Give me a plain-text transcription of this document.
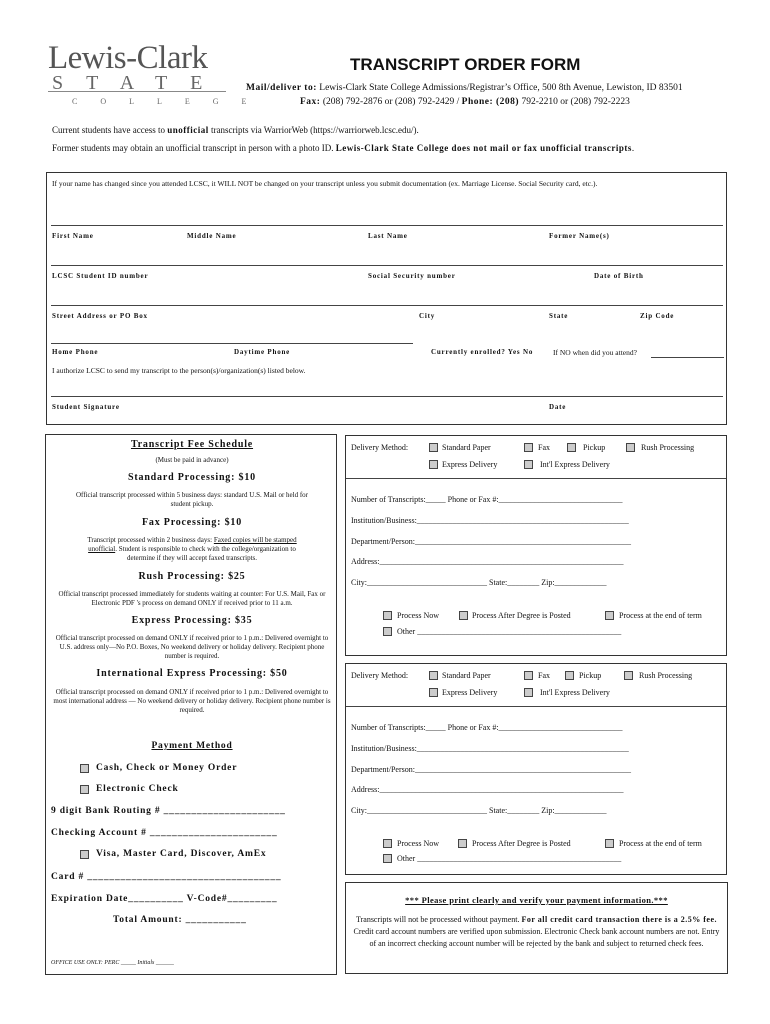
Lewis-Clark
STATE
COLLEGE
TRANSCRIPT ORDER FORM
Mail/deliver to: Lewis-Clark State College Admissions/Registrar’s Office, 500 8th Avenue, Lewiston, ID 83501
Fax: (208) 792-2876 or (208) 792-2429 / Phone: (208) 792-2210 or (208) 792-2223
Current students have access to unofficial transcripts via WarriorWeb (https://warriorweb.lcsc.edu/).
Former students may obtain an unofficial transcript in person with a photo ID. Lewis-Clark State College does not mail or fax unofficial transcripts.
If your name has changed since you attended LCSC, it WILL NOT be changed on your transcript unless you submit documentation (ex. Marriage License. Social Security card, etc.).
First Name	Middle Name	Last Name	Former Name(s)
LCSC Student ID number	Social Security number	Date of Birth
Street Address or PO Box	City	State	Zip Code
Home Phone	Daytime Phone	Currently enrolled? Yes No	If NO when did you attend?
I authorize LCSC to send my transcript to the person(s)/organization(s) listed below.
Student Signature	Date
Transcript Fee Schedule
(Must be paid in advance)
Standard Processing: $10
Official transcript processed within 5 business days: standard U.S. Mail or held for student pickup.
Fax Processing: $10
Transcript processed within 2 business days: Faxed copies will be stamped unofficial. Student is responsible to check with the college/organization to determine if they will accept faxed transcripts.
Rush Processing: $25
Official transcript processed immediately for students waiting at counter: For U.S. Mail, Fax or Electronic PDF 's process on demand ONLY if received prior to 11 a.m.
Express Processing: $35
Official transcript processed on demand ONLY if received prior to 1 p.m.: Delivered overnight to U.S. address only—No P.O. Boxes, No weekend delivery or holiday delivery. Recipient phone number is required.
International Express Processing: $50
Official transcript processed on demand ONLY if received prior to 1 p.m.: Delivered overnight to most international address — No weekend delivery or holiday delivery. Recipient phone number is required.
Payment Method
Cash, Check or Money Order
Electronic Check
9 digit Bank Routing # ______________________
Checking Account # _______________________
Visa, Master Card, Discover, AmEx
Card # ___________________________________
Expiration Date__________ V-Code#_________
Total Amount: ___________
OFFICE USE ONLY: PERC _____ Initials ______
Delivery Method:	Standard Paper	Fax	Pickup	Rush Processing
Express Delivery	Int'l Express Delivery
Number of Transcripts:_____ Phone or Fax #:_______________________________
Institution/Business:_____________________________________________________
Department/Person:______________________________________________________
Address:_____________________________________________________________
City:______________________________ State:________ Zip:_____________
Process Now	Process After Degree is Posted	Process at the end of term
Other ___________________________________________________
Delivery Method:	Standard Paper	Fax	Pickup	Rush Processing
Express Delivery	Int'l Express Delivery
Number of Transcripts:_____ Phone or Fax #:_______________________________
Institution/Business:_____________________________________________________
Department/Person:______________________________________________________
Address:_____________________________________________________________
City:______________________________ State:________ Zip:_____________
Process Now	Process After Degree is Posted	Process at the end of term
Other ___________________________________________________
*** Please print clearly and verify your payment information.***
Transcripts will not be processed without payment. For all credit card transaction there is a 2.5% fee. Credit card account numbers are verified upon submission. Electronic Check bank account numbers are not. Entry of an incorrect checking account number will be rejected by the bank and subject to returned check fees.
